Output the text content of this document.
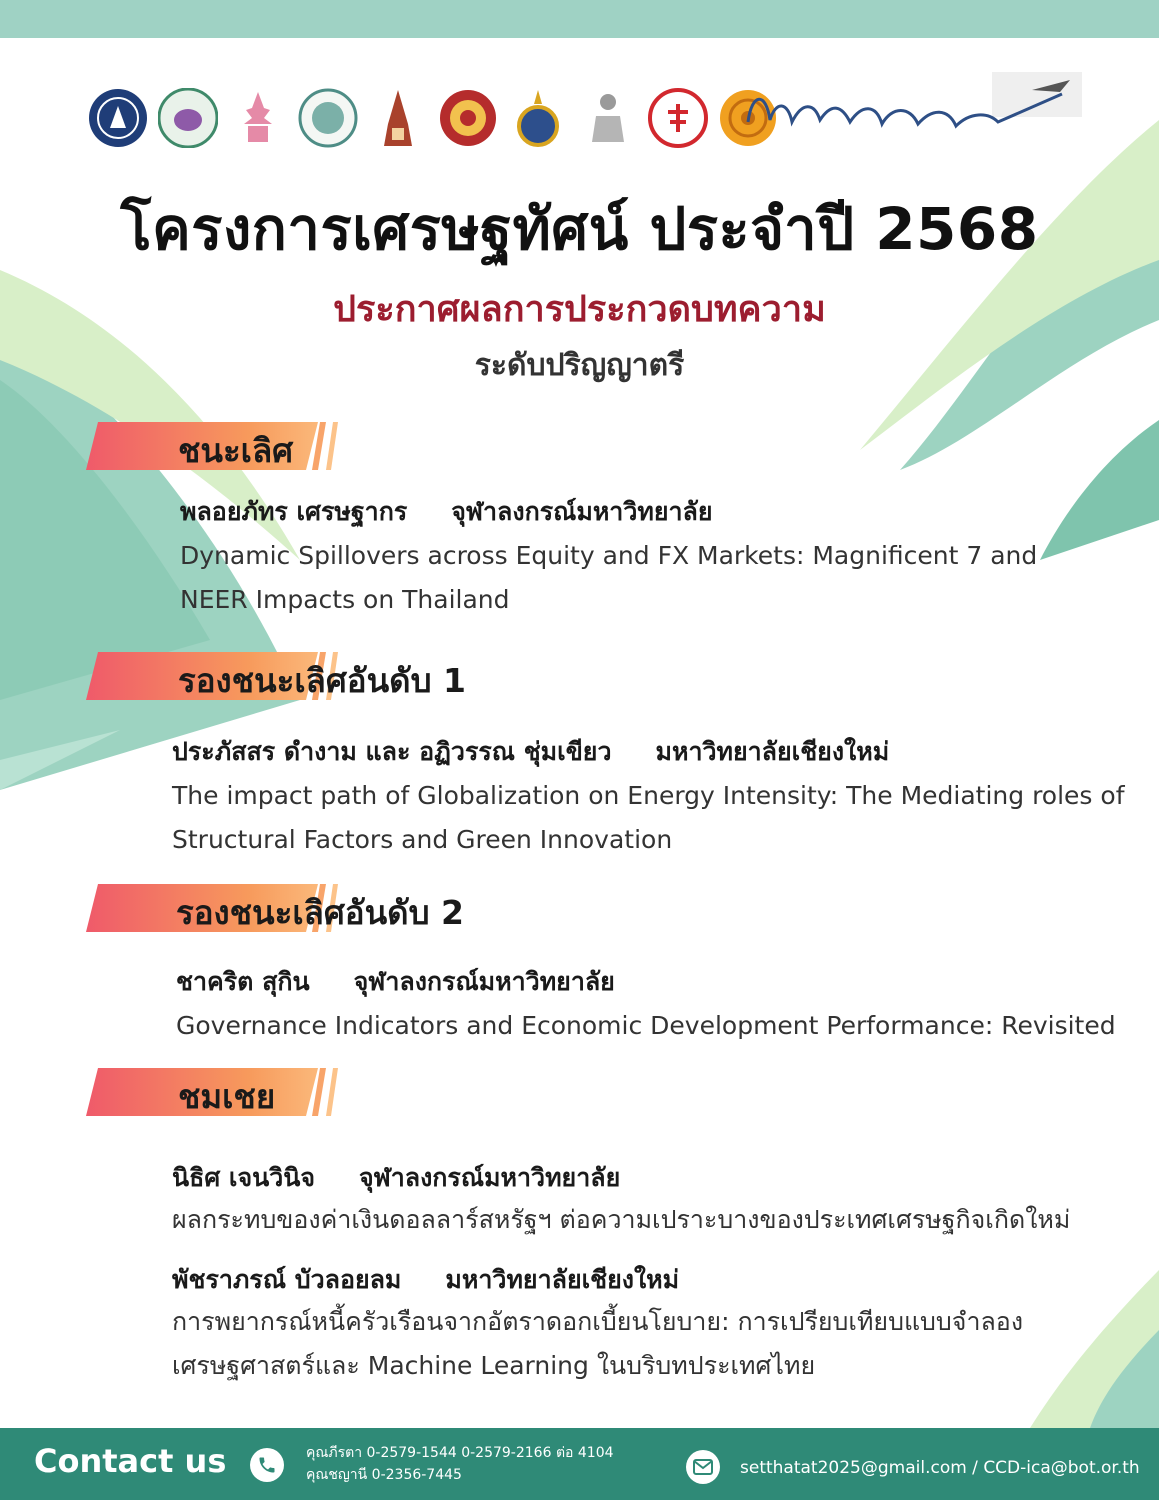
โครงการเศรษฐทัศน์ ประจำปี 2568
ประกาศผลการประกวดบทความ
ระดับปริญญาตรี
ชนะเลิศ
พลอยภัทร เศรษฐากร จุฬาลงกรณ์มหาวิทยาลัย
Dynamic Spillovers across Equity and FX Markets: Magnificent 7 and
NEER Impacts on Thailand
รองชนะเลิศอันดับ 1
ประภัสสร ดำงาม และ อฏิวรรณ ชุ่มเขียว มหาวิทยาลัยเชียงใหม่
The impact path of Globalization on Energy Intensity: The Mediating roles of
Structural Factors and Green Innovation
รองชนะเลิศอันดับ 2
ชาคริต สุกิน จุฬาลงกรณ์มหาวิทยาลัย
Governance Indicators and Economic Development Performance: Revisited
ชมเชย
นิธิศ เจนวินิจ จุฬาลงกรณ์มหาวิทยาลัย
ผลกระทบของค่าเงินดอลลาร์สหรัฐฯ ต่อความเปราะบางของประเทศเศรษฐกิจเกิดใหม่
พัชราภรณ์ บัวลอยลม มหาวิทยาลัยเชียงใหม่
การพยากรณ์หนี้ครัวเรือนจากอัตราดอกเบี้ยนโยบาย: การเปรียบเทียบแบบจำลอง
เศรษฐศาสตร์และ Machine Learning ในบริบทประเทศไทย
Contact us	คุณภีรตา 0-2579-1544 0-2579-2166 ต่อ 4104
คุณชญานี 0-2356-7445	setthatat2025@gmail.com / CCD-ica@bot.or.th
